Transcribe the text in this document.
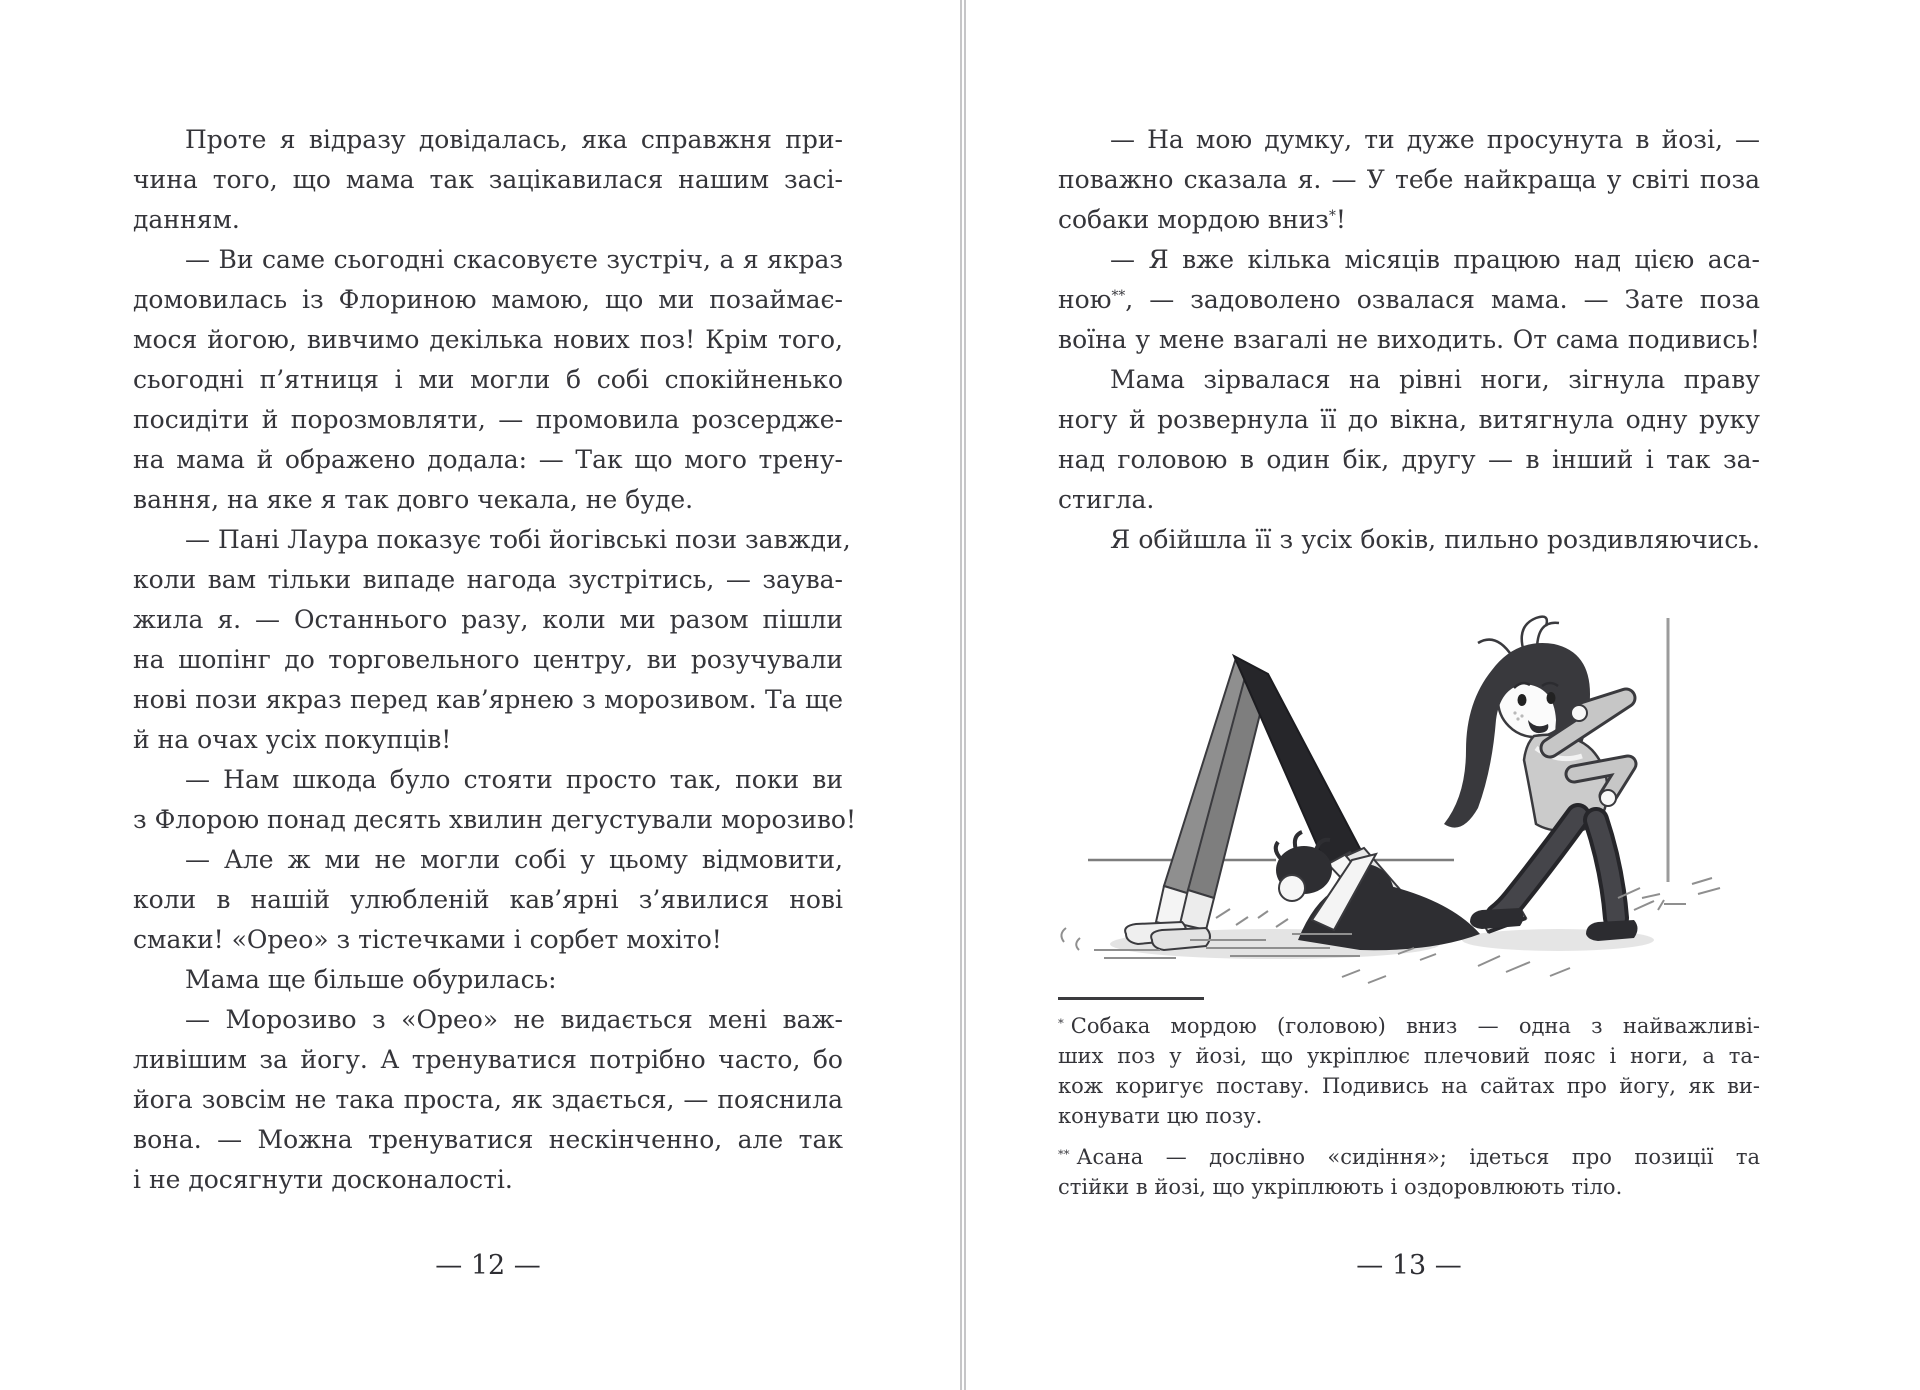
Проте я відразу довідалась, яка справжня при-

чина того, що мама так зацікавилася нашим засі-

данням.

— Ви саме сьогодні скасовуєте зустріч, а я якраз

домовилась із Флориною мамою, що ми позаймає-

мося йогою, вивчимо декілька нових поз! Крім того,

сьогодні п’ятниця і ми могли б собі спокійненько

посидіти й порозмовляти, — промовила розсердже-

на мама й ображено додала: — Так що мого трену-

вання, на яке я так довго чекала, не буде.

— Пані Лаура показує тобі йогівські пози завжди,

коли вам тільки випаде нагода зустрітись, — заува-

жила я. — Останнього разу, коли ми разом пішли

на шопінг до торговельного центру, ви розучували

нові пози якраз перед кав’ярнею з морозивом. Та ще

й на очах усіх покупців!

— Нам шкода було стояти просто так, поки ви

з Флорою понад десять хвилин дегустували морозиво!

— Але ж ми не могли собі у цьому відмовити,

коли в нашій улюбленій кав’ярні з’явилися нові

смаки! «Орео» з тістечками і сорбет мохіто!

Мама ще більше обурилась:

— Морозиво з «Орео» не видається мені важ-

ливішим за йогу. А тренуватися потрібно часто, бо

йога зовсім не така проста, як здається, — пояснила

вона. — Можна тренуватися нескінченно, але так

і не досягнути досконалості.

— 12 —

— На мою думку, ти дуже просунута в йозі, —

поважно сказала я. — У тебе найкраща у світі поза

собаки мордою вниз*!

— Я вже кілька місяців працюю над цією аса-

ною**, — задоволено озвалася мама. — Зате поза

воїна у мене взагалі не виходить. От сама подивись!

Мама зірвалася на рівні ноги, зігнула праву

ногу й розвернула її до вікна, витягнула одну руку

над головою в один бік, другу — в інший і так за-

стигла.

Я обійшла її з усіх боків, пильно роздивляючись.

* Собака мордою (головою) вниз — одна з найважливі-

ших поз у йозі, що укріплює плечовий пояс і ноги, а та-

кож коригує поставу. Подивись на сайтах про йогу, як ви-

конувати цю позу.

** Асана — дослівно «сидіння»; ідеться про позиції та

стійки в йозі, що укріплюють і оздоровлюють тіло.

— 13 —
